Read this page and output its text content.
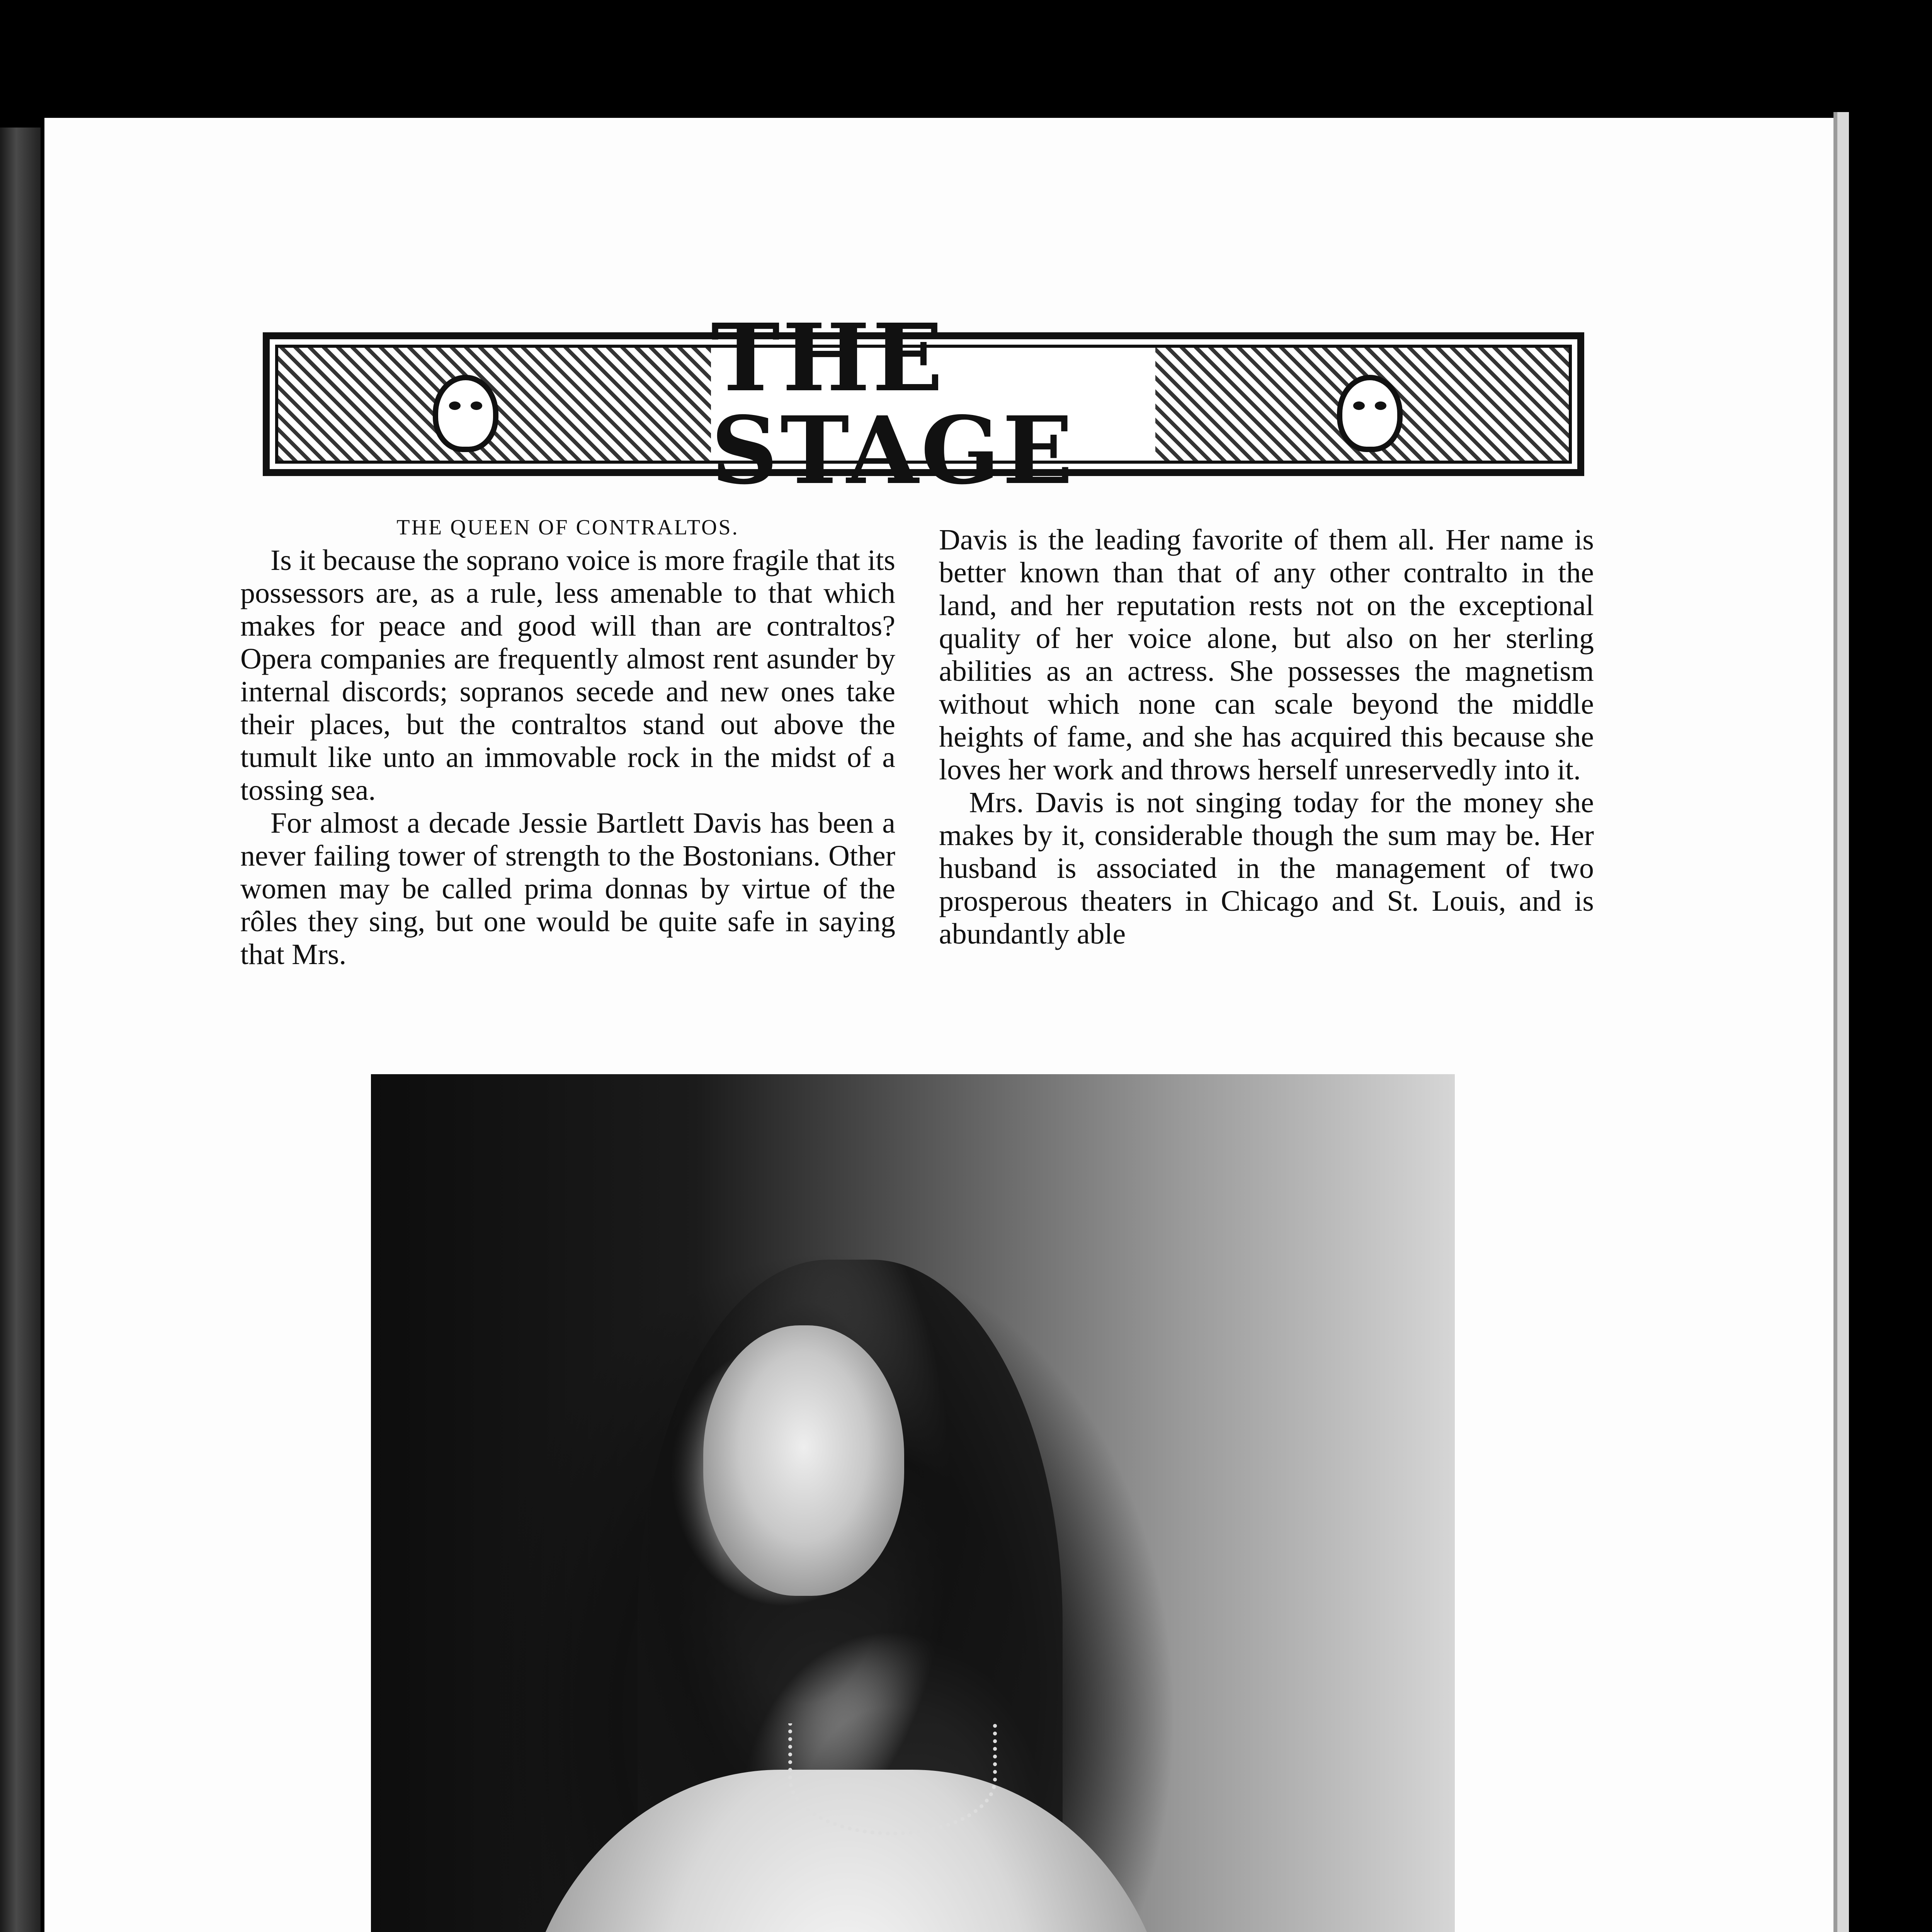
THE STAGE
THE QUEEN OF CONTRALTOS.

Is it because the soprano voice is more fragile that its possessors are, as a rule, less amenable to that which makes for peace and good will than are contraltos? Opera companies are frequently almost rent asunder by internal discords; sopranos secede and new ones take their places, but the contraltos stand out above the tumult like unto an immovable rock in the midst of a tossing sea.

For almost a decade Jessie Bartlett Davis has been a never failing tower of strength to the Bostonians. Other women may be called prima donnas by virtue of the rôles they sing, but one would be quite safe in saying that Mrs.

Davis is the leading favorite of them all. Her name is better known than that of any other contralto in the land, and her reputation rests not on the exceptional quality of her voice alone, but also on her sterling abilities as an actress. She possesses the magnetism without which none can scale beyond the middle heights of fame, and she has acquired this because she loves her work and throws herself unreservedly into it.

Mrs. Davis is not singing today for the money she makes by it, considerable though the sum may be. Her husband is associated in the management of two prosperous theaters in Chicago and St. Louis, and is abundantly able
